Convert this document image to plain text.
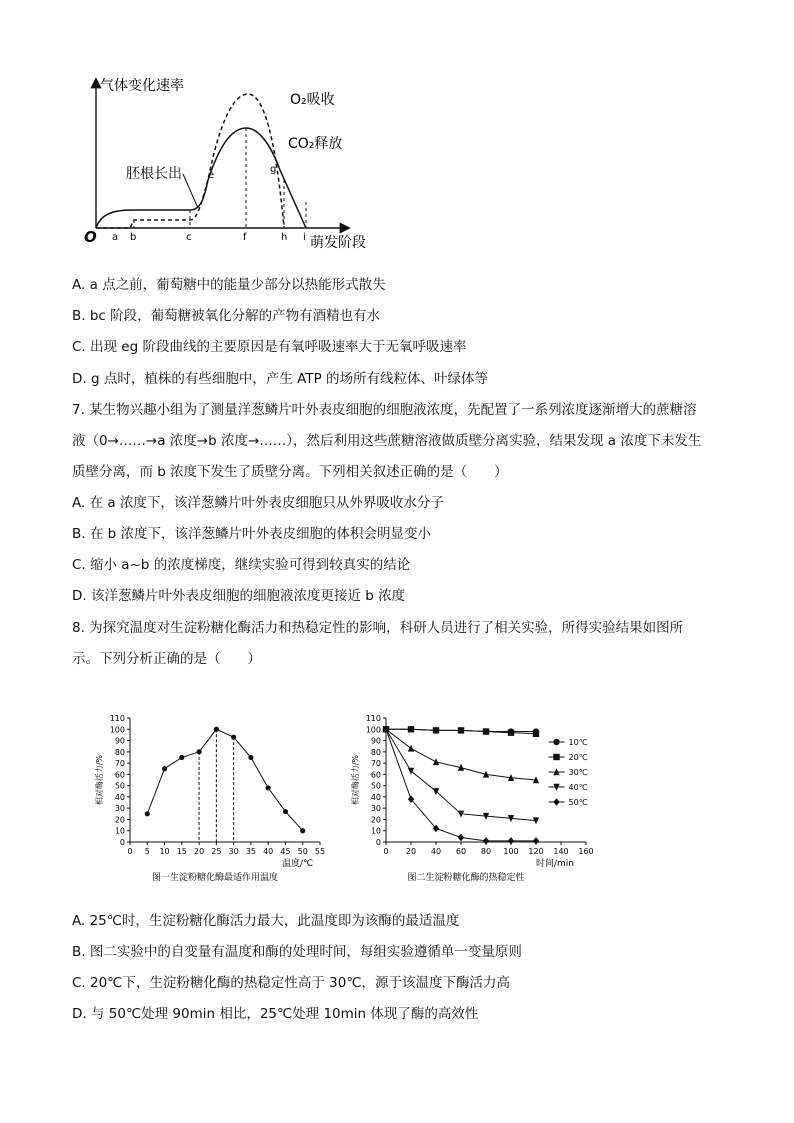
气体变化速率
萌发阶段
O
O₂吸收
CO₂释放
胚根长出
a b	c
e
f
g
h i
A. a 点之前，葡萄糖中的能量少部分以热能形式散失
B. bc 阶段，葡萄糖被氧化分解的产物有酒精也有水
C. 出现 eg 阶段曲线的主要原因是有氧呼吸速率大于无氧呼吸速率
D. g 点时，植株的有些细胞中，产生 ATP 的场所有线粒体、叶绿体等
7. 某生物兴趣小组为了测量洋葱鳞片叶外表皮细胞的细胞液浓度，先配置了一系列浓度逐渐增大的蔗糖溶
液（0→……→a 浓度→b 浓度→……），然后利用这些蔗糖溶液做质壁分离实验，结果发现 a 浓度下未发生
质壁分离，而 b 浓度下发生了质壁分离。下列相关叙述正确的是（　　）
A. 在 a 浓度下，该洋葱鳞片叶外表皮细胞只从外界吸收水分子
B. 在 b 浓度下，该洋葱鳞片叶外表皮细胞的体积会明显变小
C. 缩小 a~b 的浓度梯度，继续实验可得到较真实的结论
D. 该洋葱鳞片叶外表皮细胞的细胞液浓度更接近 b 浓度
8. 为探究温度对生淀粉糖化酶活力和热稳定性的影响，科研人员进行了相关实验，所得实验结果如图所
示。下列分析正确的是（　　）
0
10
20
30
40
50
60
70
80
90
100
110
0 5 10 15 20 25 30 35 40 45 50 55
相对酶活力/%
温度/℃
图一生淀粉糖化酶最适作用温度
0
10
20
30
40
50
60
70
80
90
100
110
0 20 40 60 80 100 120 140 160
相对酶活力/%
时间/min
图二生淀粉糖化酶的热稳定性
10℃
20℃
30℃
40℃
50℃
A. 25℃时，生淀粉糖化酶活力最大，此温度即为该酶的最适温度
B. 图二实验中的自变量有温度和酶的处理时间，每组实验遵循单一变量原则
C. 20℃下，生淀粉糖化酶的热稳定性高于 30℃，源于该温度下酶活力高
D. 与 50℃处理 90min 相比，25℃处理 10min 体现了酶的高效性
